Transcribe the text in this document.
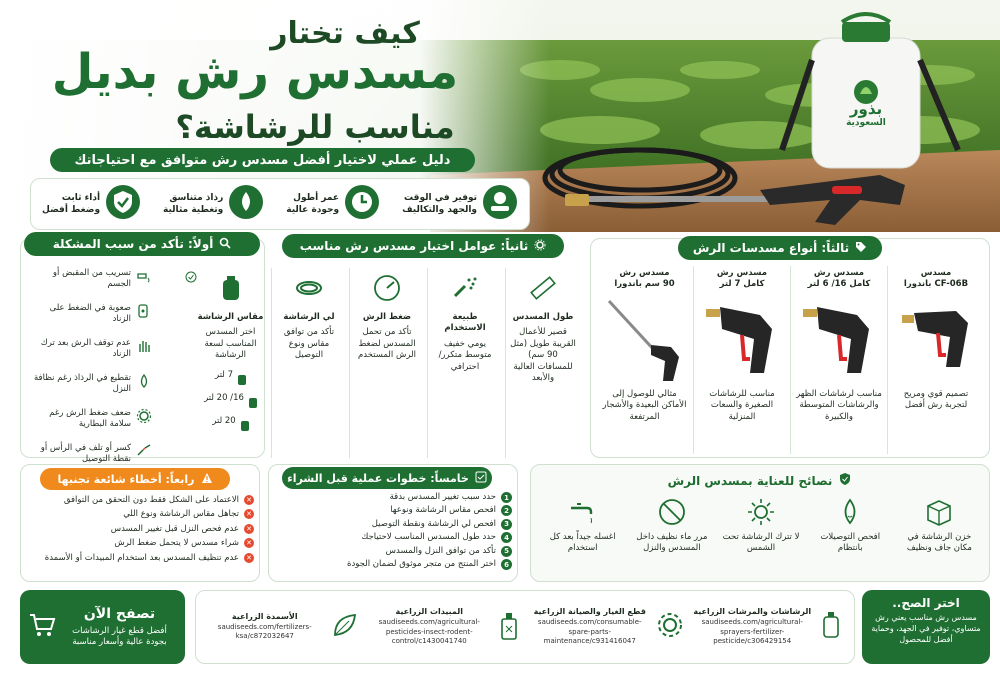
كيف تختار
مسدس رش بديل
مناسب للرشاشة؟
دليل عملي لاختيار أفضل مسدس رش متوافق مع احتياجاتك
بذور
السعودية
توفير في الوقت
والجهد والتكاليف
عمر أطول
وجودة عالية
رذاذ متناسق
وتغطية مثالية
أداء ثابت
وضغط أفضل
أولاً: تأكد من سبب المشكلة
تسريب من المقبض أو الجسم
صعوبة في الضغط على الزناد
عدم توقف الرش بعد ترك الزناد
تقطيع في الرذاذ رغم نظافة النزل
ضعف ضغط الرش رغم سلامة البطارية
كسر أو تلف في الرأس أو نقطة التوصيل
ثانياً: عوامل اختيار مسدس رش مناسب
طول المسدس
قصير للأعمال القريبة طويل (مثل 90 سم) للمسافات العالية والأبعد
طبيعة الاستخدام
يومي خفيف متوسط متكرر/ احترافي
ضغط الرش
تأكد من تحمل المسدس لضغط الرش المستخدم
لي الرشاشة
تأكد من توافق مقاس ونوع التوصيل
مقاس الرشاشة
اختر المسدس المناسب لسعة الرشاشة
7 لتر
16/ 20 لتر
20 لتر
ثالثاً: أنواع مسدسات الرش
مسدس
CF-06B باندورا
تصميم قوي ومريح لتجربة رش أفضل
مسدس رش
كامل 16/ 6 لتر
مناسب لرشاشات الظهر والرشاشات المتوسطة والكبيرة
مسدس رش
كامل 7 لتر
مناسب للرشاشات الصغيرة والسعات المنزلية
مسدس رش
90 سم باندورا
مثالي للوصول إلى الأماكن البعيدة والأشجار المرتفعة
رابعاً: أخطاء شائعة تجنبها
✕
الاعتماد على الشكل فقط دون التحقق من التوافق
✕
تجاهل مقاس الرشاشة ونوع اللي
✕
عدم فحص النزل قبل تغيير المسدس
✕
شراء مسدس لا يتحمل ضغط الرش
✕
عدم تنظيف المسدس بعد استخدام المبيدات أو الأسمدة
خامساً: خطوات عملية قبل الشراء
1
حدد سبب تغيير المسدس بدقة
2
افحص مقاس الرشاشة ونوعها
3
افحص لي الرشاشة ونقطة التوصيل
4
حدد طول المسدس المناسب لاحتياجك
5
تأكد من توافق النزل والمسدس
6
اختر المنتج من متجر موثوق لضمان الجودة
نصائح للعناية بمسدس الرش
خزن الرشاشة في مكان جاف ونظيف
افحص التوصيلات بانتظام
لا تترك الرشاشة تحت الشمس
مرر ماء نظيف داخل المسدس والنزل
اغسله جيداً بعد كل استخدام
تصفح الآن
أفضل قطع غيار الرشاشات بجودة عالية وأسعار مناسبة
الرشاشات والمرشات الزراعية
saudiseeds.com/agricultural-sprayers-fertilizer-pesticide/c306429154
قطع الغيار والصيانة الزراعية
saudiseeds.com/consumable-spare-parts-maintenance/c931416047
المبيدات الزراعية
saudiseeds.com/agricultural-pesticides-insect-rodent-control/c1430041740
الأسمدة الزراعية
saudiseeds.com/fertilizers-ksa/c872032647
اختر الصح..
مسدس رش مناسب يعني رش متساوي، توفير في الجهد، وحماية أفضل للمحصول
